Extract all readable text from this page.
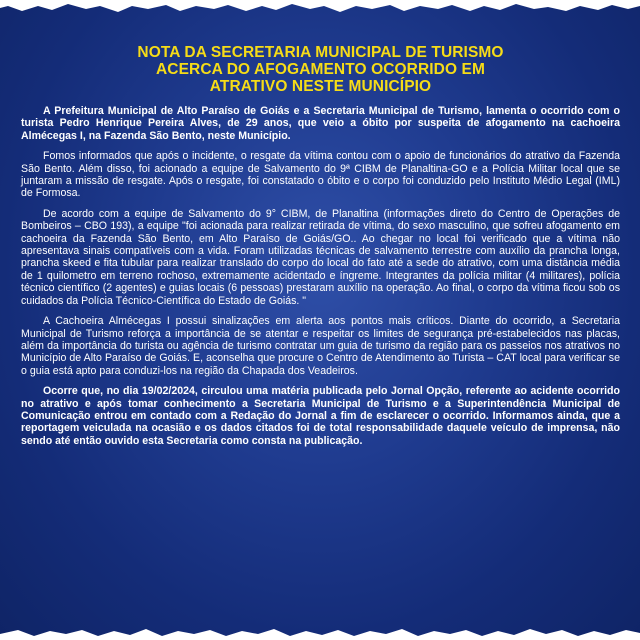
NOTA DA SECRETARIA MUNICIPAL DE TURISMO
ACERCA DO AFOGAMENTO OCORRIDO EM
ATRATIVO NESTE MUNICÍPIO

A Prefeitura Municipal de Alto Paraíso de Goiás e a Secretaria Municipal de Turismo, lamenta o ocorrido com o turista Pedro Henrique Pereira Alves, de 29 anos, que veio a óbito por suspeita de afogamento na cachoeira Almécegas I, na Fazenda São Bento, neste Município.

Fomos informados que após o incidente, o resgate da vítima contou com o apoio de funcionários do atrativo da Fazenda São Bento. Além disso, foi acionado a equipe de Salvamento do 9ª CIBM de Planaltina-GO e a Polícia Militar local que se juntaram a missão de resgate. Após o resgate, foi constatado o óbito e o corpo foi conduzido pelo Instituto Médio Legal (IML) de Formosa.

De acordo com a equipe de Salvamento do 9° CIBM, de Planaltina (informações direto do Centro de Operações de Bombeiros – CBO 193), a equipe "foi acionada para realizar retirada de vítima, do sexo masculino, que sofreu afogamento em cachoeira da Fazenda São Bento, em Alto Paraíso de Goiás/GO.. Ao chegar no local foi verificado que a vítima não apresentava sinais compatíveis com a vida. Foram utilizadas técnicas de salvamento terrestre com auxílio da prancha longa, prancha skeed e fita tubular para realizar translado do corpo do local do fato até a sede do atrativo, com uma distância média de 1 quilometro em terreno rochoso, extremamente acidentado e íngreme. Integrantes da polícia militar (4 militares), polícia técnico científico (2 agentes) e guias locais (6 pessoas) prestaram auxílio na operação. Ao final, o corpo da vítima ficou sob os cuidados da Polícia Técnico-Científica do Estado de Goiás. "

A Cachoeira Almécegas I possui sinalizações em alerta aos pontos mais críticos. Diante do ocorrido, a Secretaria Municipal de Turismo reforça a importância de se atentar e respeitar os limites de segurança pré-estabelecidos nas placas, além da importância do turista ou agência de turismo contratar um guia de turismo da região para os passeios nos atrativos no Município de Alto Paraíso de Goiás. E, aconselha que procure o Centro de Atendimento ao Turista – CAT local para verificar se o guia está apto para conduzi-los na região da Chapada dos Veadeiros.

Ocorre que, no dia 19/02/2024, circulou uma matéria publicada pelo Jornal Opção, referente ao acidente ocorrido no atrativo e após tomar conhecimento a Secretaria Municipal de Turismo e a Superintendência Municipal de Comunicação entrou em contado com a Redação do Jornal a fim de esclarecer o ocorrido. Informamos ainda, que a reportagem veiculada na ocasião e os dados citados foi de total responsabilidade daquele veículo de imprensa, não sendo até então ouvido esta Secretaria como consta na publicação.
